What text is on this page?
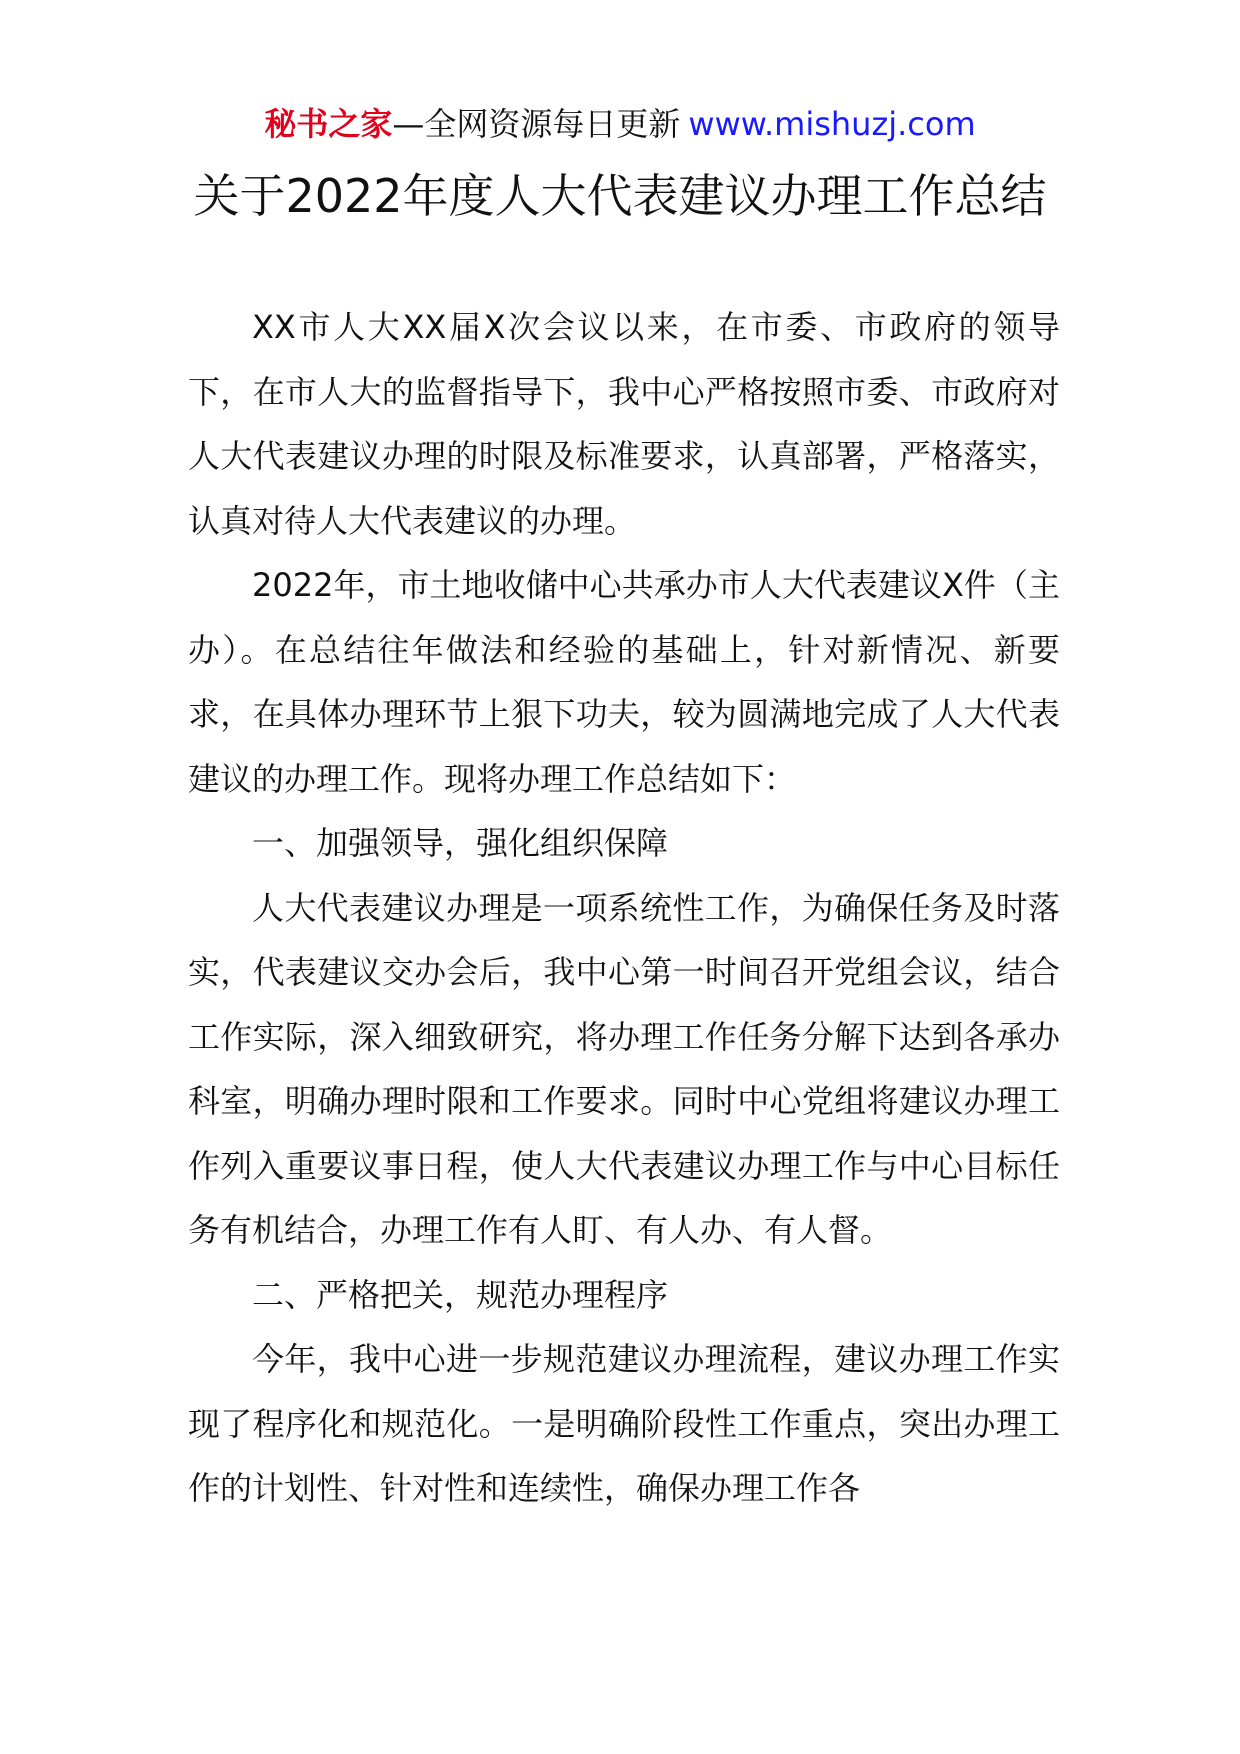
秘书之家—全网资源每日更新 www.mishuzj.com
关于2022年度人大代表建议办理工作总结

XX市人大XX届X次会议以来，在市委、市政府的领导下，在市人大的监督指导下，我中心严格按照市委、市政府对人大代表建议办理的时限及标准要求，认真部署，严格落实，认真对待人大代表建议的办理。

2022年，市土地收储中心共承办市人大代表建议X件（主办）。在总结往年做法和经验的基础上，针对新情况、新要求，在具体办理环节上狠下功夫，较为圆满地完成了人大代表建议的办理工作。现将办理工作总结如下：

一、加强领导，强化组织保障

人大代表建议办理是一项系统性工作，为确保任务及时落实，代表建议交办会后，我中心第一时间召开党组会议，结合工作实际，深入细致研究，将办理工作任务分解下达到各承办科室，明确办理时限和工作要求。同时中心党组将建议办理工作列入重要议事日程，使人大代表建议办理工作与中心目标任务有机结合，办理工作有人盯、有人办、有人督。

二、严格把关，规范办理程序

今年，我中心进一步规范建议办理流程，建议办理工作实现了程序化和规范化。一是明确阶段性工作重点，突出办理工作的计划性、针对性和连续性，确保办理工作各
